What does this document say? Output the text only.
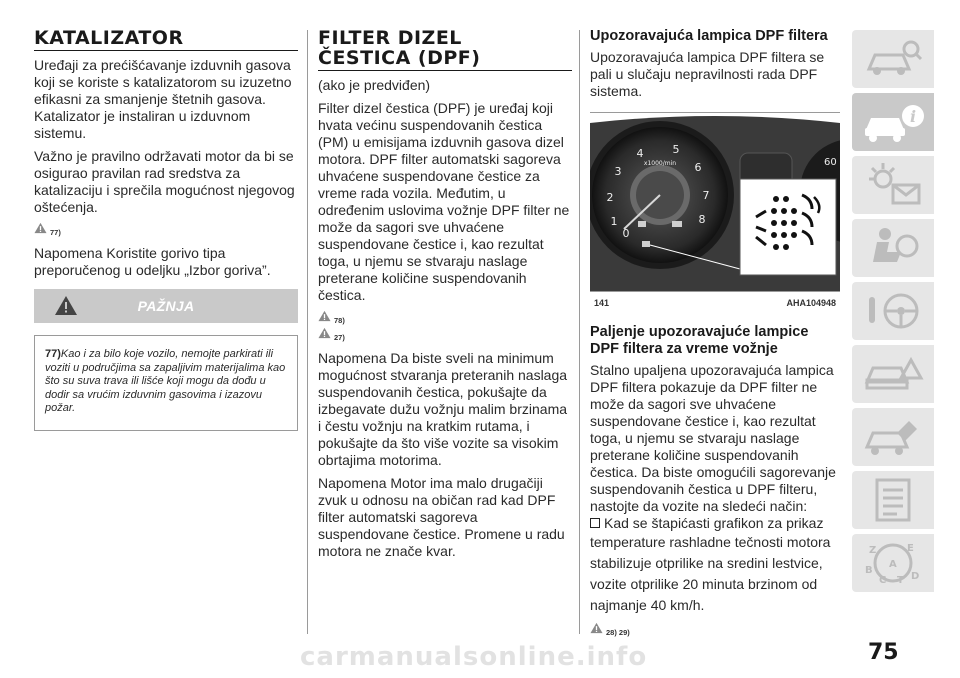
KATALIZATOR

Uređaji za prećišćavanje izduvnih gasova koji se koriste s katalizatorom su izuzetno efikasni za smanjenje štetnih gasova. Katalizator je instaliran u izduvnom sistemu.

Važno je pravilno održavati motor da bi se osigurao pravilan rad sredstva za katalizaciju i sprečila mogućnost njegovog oštećenja.

77)

Napomena Koristite gorivo tipa preporučenog u odeljku „Izbor goriva”.

PAŽNJA

77)Kao i za bilo koje vozilo, nemojte parkirati ili voziti u područjima sa zapaljivim materijalima kao što su suva trava ili lišće koji mogu da dođu u dodir sa vrućim izduvnim gasovima i izazovu požar.

FILTER DIZEL
ČESTICA (DPF)

(ako je predviđen)

Filter dizel čestica (DPF) je uređaj koji hvata većinu suspendovanih čestica (PM) u emisijama izduvnih gasova dizel motora. DPF filter automatski sagoreva uhvaćene suspendovane čestice za vreme rada vozila. Međutim, u određenim uslovima vožnje DPF filter ne može da sagori sve uhvaćene suspendovane čestice i, kao rezultat toga, u njemu se stvaraju naslage preterane količine suspendovanih čestica.

78)
27)

Napomena Da biste sveli na minimum mogućnost stvaranja preteranih naslaga suspendovanih čestica, pokušajte da izbegavate dužu vožnju malim brzinama i čestu vožnju na kratkim rutama, i pokušajte da što više vozite sa visokim obrtajima motorima.

Napomena Motor ima malo drugačiji zvuk u odnosu na običan rad kad DPF filter automatski sagoreva suspendovane čestice. Promene u radu motora ne znače kvar.

Upozoravajuća lampica DPF filtera

Upozoravajuća lampica DPF filtera se pali u slučaju nepravilnosti rada DPF sistema.

1
2
3
4	5
6
7
8
0
x1000/min	60
141	AHA104948
Paljenje upozoravajuće lampice DPF filtera za vreme vožnje

Stalno upaljena upozoravajuća lampica DPF filtera pokazuje da DPF filter ne može da sagori sve uhvaćene suspendovane čestice i, kao rezultat toga, u njemu se stvaraju naslage preterane količine suspendovanih čestica. Da biste omogućili sagorevanje suspendovanih čestica u DPF filteru, nastojte da vozite na sledeći način:

Kad se štapićasti grafikon za prikaz

temperature rashladne tečnosti motora stabilizuje otprilike na sredini lestvice,

vozite otprilike 20 minuta brzinom od najmanje 40 km/h.

28) 29)
i
Z	E
B
A
D
C T
75
carmanualsonline.info
